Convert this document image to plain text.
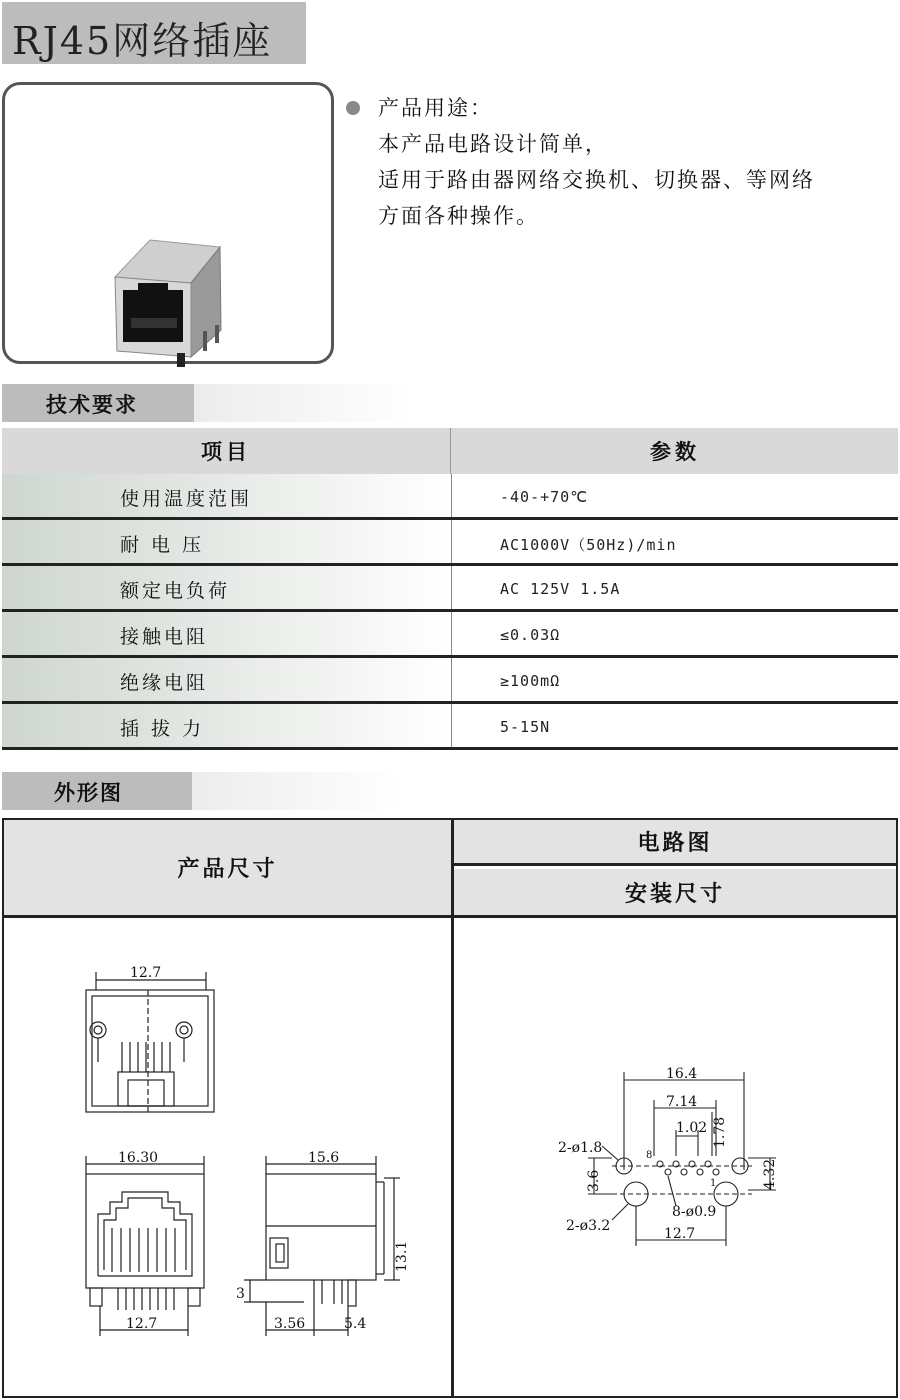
RJ45网络插座
产品用途：
本产品电路设计简单，
适用于路由器网络交换机、切换器、等网络
方面各种操作。
技术要求
项目	参数
使用温度范围	-40-+70℃
耐 电 压	AC1000V（50Hz)/min
额定电负荷	AC 125V 1.5A
接触电阻	≤0.03Ω
绝缘电阻	≥100mΩ
插 拔 力	5-15N
外形图
产品尺寸
电路图
安装尺寸
12.7
16.30
12.7
15.6
13.1
3
3.56	5.4
16.4
7.14
1.02 1.78
2-ø1.8
3.6	4.32
8-ø0.9
2-ø3.2	12.7
8
1
